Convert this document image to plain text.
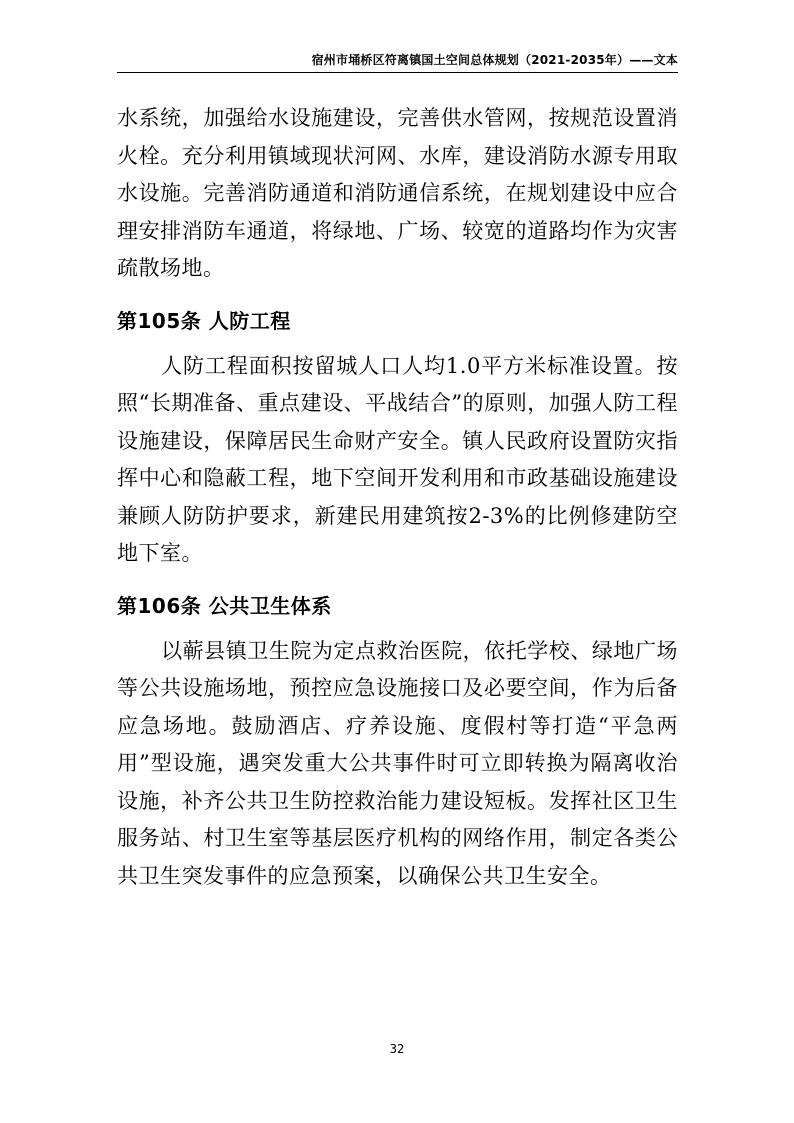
宿州市埇桥区符离镇国土空间总体规划（2021-2035年）——文本

水系统，加强给水设施建设，完善供水管网，按规范设置消火栓。充分利用镇域现状河网、水库，建设消防水源专用取水设施。完善消防通道和消防通信系统，在规划建设中应合理安排消防车通道，将绿地、广场、较宽的道路均作为灾害疏散场地。

第105条 人防工程

人防工程面积按留城人口人均1.0平方米标准设置。按照“长期准备、重点建设、平战结合”的原则，加强人防工程设施建设，保障居民生命财产安全。镇人民政府设置防灾指挥中心和隐蔽工程，地下空间开发利用和市政基础设施建设兼顾人防防护要求，新建民用建筑按2-3%的比例修建防空地下室。

第106条 公共卫生体系

以蕲县镇卫生院为定点救治医院，依托学校、绿地广场等公共设施场地，预控应急设施接口及必要空间，作为后备应急场地。鼓励酒店、疗养设施、度假村等打造“平急两用”型设施，遇突发重大公共事件时可立即转换为隔离收治设施，补齐公共卫生防控救治能力建设短板。发挥社区卫生服务站、村卫生室等基层医疗机构的网络作用，制定各类公共卫生突发事件的应急预案，以确保公共卫生安全。

32
